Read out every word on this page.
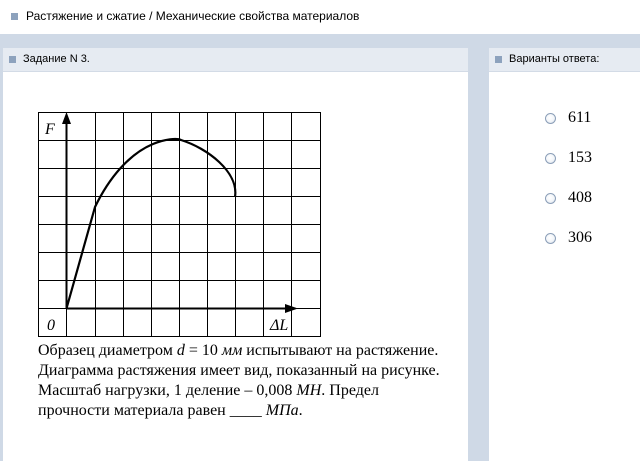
Растяжение и сжатие / Механические свойства материалов
Задание N 3.	Варианты ответа:
F
ΔL
0
Образец диаметром d = 10 мм испытывают на растяжение. Диаграмма растяжения имеет вид, показанный на рисунке. Масштаб нагрузки, 1 деление – 0,008 МН. Предел прочности материала равен ____ МПа.
611
153
408
306
